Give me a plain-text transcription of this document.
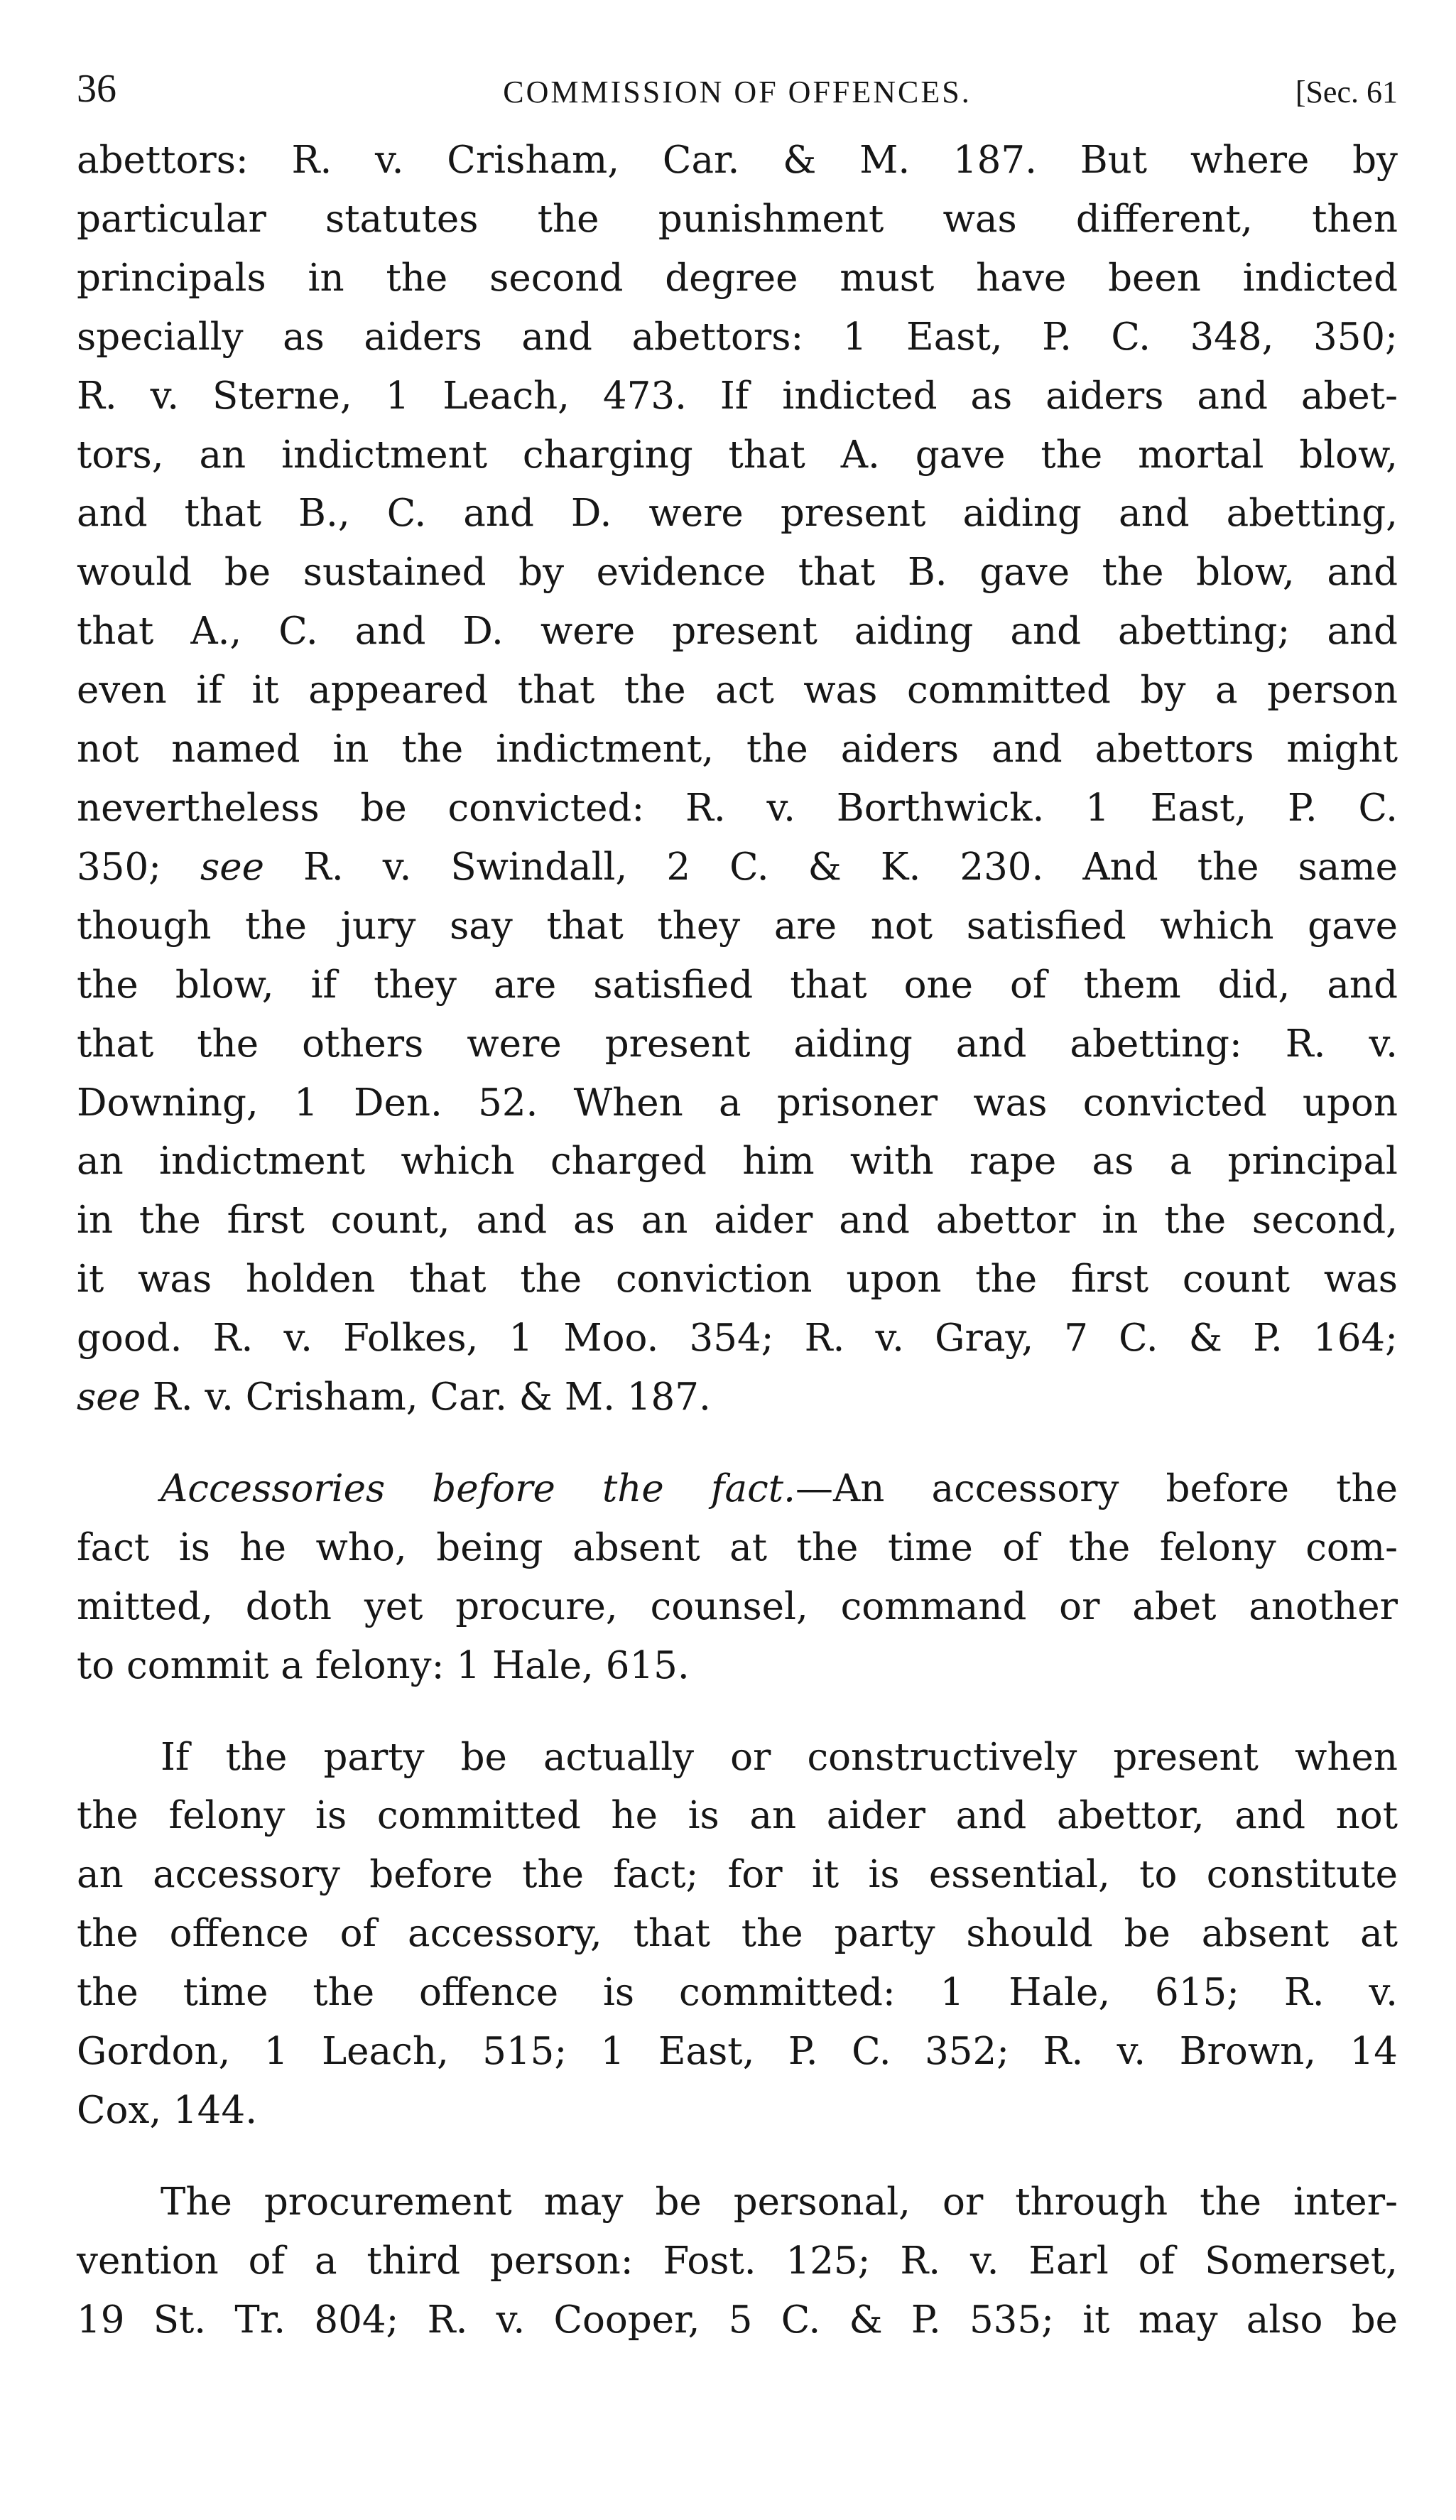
36	COMMISSION OF OFFENCES.	[Sec. 61

abettors: R. v. Crisham, Car. & M. 187. But where by
particular statutes the punishment was different, then
principals in the second degree must have been indicted
specially as aiders and abettors: 1 East, P. C. 348, 350;
R. v. Sterne, 1 Leach, 473. If indicted as aiders and abet-
tors, an indictment charging that A. gave the mortal blow,
and that B., C. and D. were present aiding and abetting,
would be sustained by evidence that B. gave the blow, and
that A., C. and D. were present aiding and abetting; and
even if it appeared that the act was committed by a person
not named in the indictment, the aiders and abettors might
nevertheless be convicted: R. v. Borthwick. 1 East, P. C.
350; see R. v. Swindall, 2 C. & K. 230. And the same
though the jury say that they are not satisfied which gave
the blow, if they are satisfied that one of them did, and
that the others were present aiding and abetting: R. v.
Downing, 1 Den. 52. When a prisoner was convicted upon
an indictment which charged him with rape as a principal
in the first count, and as an aider and abettor in the second,
it was holden that the conviction upon the first count was
good. R. v. Folkes, 1 Moo. 354; R. v. Gray, 7 C. & P. 164;
see R. v. Crisham, Car. & M. 187.

Accessories before the fact.—An accessory before the
fact is he who, being absent at the time of the felony com-
mitted, doth yet procure, counsel, command or abet another
to commit a felony: 1 Hale, 615.

If the party be actually or constructively present when
the felony is committed he is an aider and abettor, and not
an accessory before the fact; for it is essential, to constitute
the offence of accessory, that the party should be absent at
the time the offence is committed: 1 Hale, 615; R. v.
Gordon, 1 Leach, 515; 1 East, P. C. 352; R. v. Brown, 14
Cox, 144.

The procurement may be personal, or through the inter-
vention of a third person: Fost. 125; R. v. Earl of Somerset,
19 St. Tr. 804; R. v. Cooper, 5 C. & P. 535; it may also be
